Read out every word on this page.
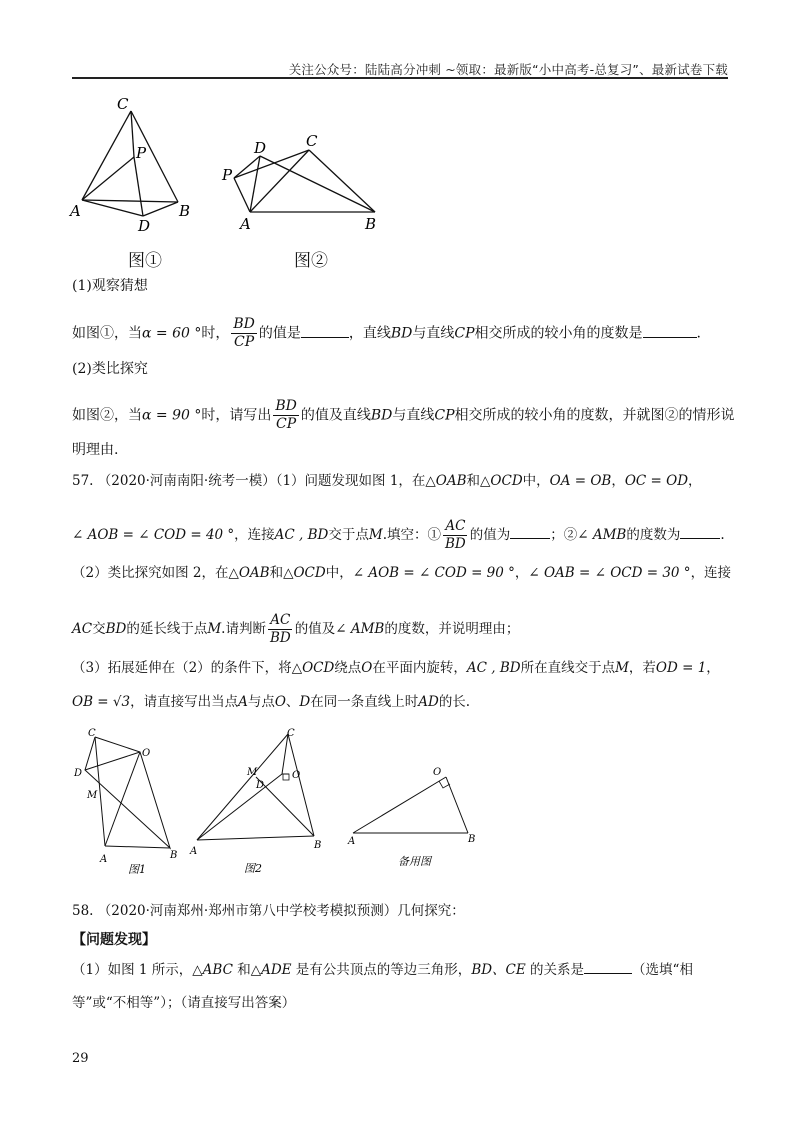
关注公众号：陆陆高分冲刺 ~领取：最新版“小中高考-总复习”、最新试卷下载
C
P
A	B
D
D	C
P
A	B
图①	图②
(1)观察猜想
如图①，当α = 60 °时， $\frac{BD}{CP}$ 的值是	，直线BD与直线CP相交所成的较小角的度数是	.
(2)类比探究
如图②，当α = 90 °时，请写出 $\frac{BD}{CP}$ 的值及直线BD与直线CP相交所成的较小角的度数，并就图②的情形说
明理由.
57. （2020·河南南阳·统考一模）（1）问题发现如图 1，在△OAB和△OCD中，OA = OB，OC = OD，
∠ AOB = ∠ COD = 40 °，连接AC , BD交于点M.填空：① $\frac{AC}{BD}$ 的值为	；②∠ AMB的度数为	.
（2）类比探究如图 2，在△OAB和△OCD中，∠ AOB = ∠ COD = 90 °，∠ OAB = ∠ OCD = 30 °，连接
AC交BD的延长线于点M.请判断 $\frac{AC}{BD}$ 的值及∠ AMB的度数，并说明理由；
（3）拓展延伸在（2）的条件下，将△OCD绕点O在平面内旋转，AC , BD所在直线交于点M，若OD = 1，
OB = √3，请直接写出当点A与点O、D在同一条直线上时AD的长.
C
O
D
M
A	B
图1
C
M	O
D
A
B
图2
O
A	B
备用图
58. （2020·河南郑州·郑州市第八中学校考模拟预测）几何探究：
【问题发现】
（1）如图 1 所示，△ABC 和△ADE 是有公共顶点的等边三角形，BD、CE 的关系是	（选填“相
等”或“不相等”）；（请直接写出答案）
29
